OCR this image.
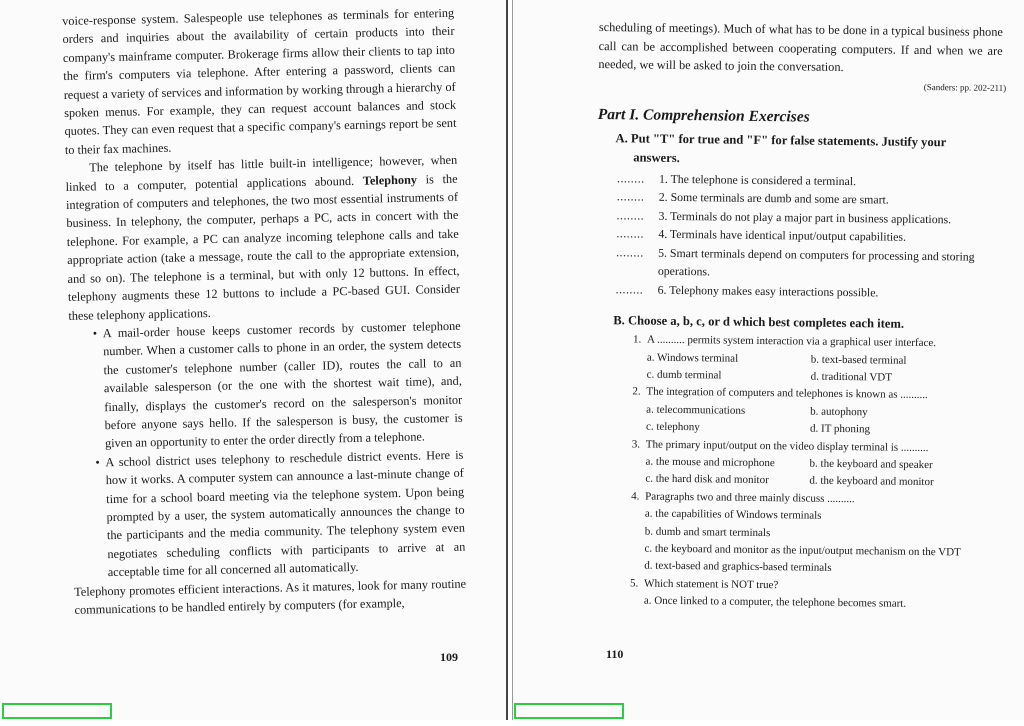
voice-response system. Salespeople use telephones as terminals for entering orders and inquiries about the availability of certain products into their company's mainframe computer. Brokerage firms allow their clients to tap into the firm's computers via telephone. After entering a password, clients can request a variety of services and information by working through a hierarchy of spoken menus. For example, they can request account balances and stock quotes. They can even request that a specific company's earnings report be sent to their fax machines.

The telephone by itself has little built-in intelligence; however, when linked to a computer, potential applications abound. Telephony is the integration of computers and telephones, the two most essential instruments of business. In telephony, the computer, perhaps a PC, acts in concert with the telephone. For example, a PC can analyze incoming telephone calls and take appropriate action (take a message, route the call to the appropriate extension, and so on). The telephone is a terminal, but with only 12 buttons. In effect, telephony augments these 12 buttons to include a PC-based GUI. Consider these telephony applications.

• A mail-order house keeps customer records by customer telephone number. When a customer calls to phone in an order, the system detects the customer's telephone number (caller ID), routes the call to an available salesperson (or the one with the shortest wait time), and, finally, displays the customer's record on the salesperson's monitor before anyone says hello. If the salesperson is busy, the customer is given an opportunity to enter the order directly from a telephone.

• A school district uses telephony to reschedule district events. Here is how it works. A computer system can announce a last-minute change of time for a school board meeting via the telephone system. Upon being prompted by a user, the system automatically announces the change to the participants and the media community. The telephony system even negotiates scheduling conflicts with participants to arrive at an acceptable time for all concerned all automatically.

Telephony promotes efficient interactions. As it matures, look for many routine communications to be handled entirely by computers (for example,

109

scheduling of meetings). Much of what has to be done in a typical business phone call can be accomplished between cooperating computers. If and when we are needed, we will be asked to join the conversation.

(Sanders: pp. 202-211)
Part I. Comprehension Exercises
A. Put "T" for true and "F" for false statements. Justify your
answers.
........ 1. The telephone is considered a terminal.
........ 2. Some terminals are dumb and some are smart.
........ 3. Terminals do not play a major part in business applications.
........ 4. Terminals have identical input/output capabilities.
........ 5. Smart terminals depend on computers for processing and storing operations.
........ 6. Telephony makes easy interactions possible.
B. Choose a, b, c, or d which best completes each item.
1. A .......... permits system interaction via a graphical user interface.
a. Windows terminal	b. text-based terminal
c. dumb terminal	d. traditional VDT
2. The integration of computers and telephones is known as ..........
a. telecommunications	b. autophony
c. telephony	d. IT phoning
3. The primary input/output on the video display terminal is ..........
a. the mouse and microphone	b. the keyboard and speaker
c. the hard disk and monitor	d. the keyboard and monitor
4. Paragraphs two and three mainly discuss ..........
a. the capabilities of Windows terminals
b. dumb and smart terminals
c. the keyboard and monitor as the input/output mechanism on the VDT
d. text-based and graphics-based terminals
5. Which statement is NOT true?
a. Once linked to a computer, the telephone becomes smart.
110
